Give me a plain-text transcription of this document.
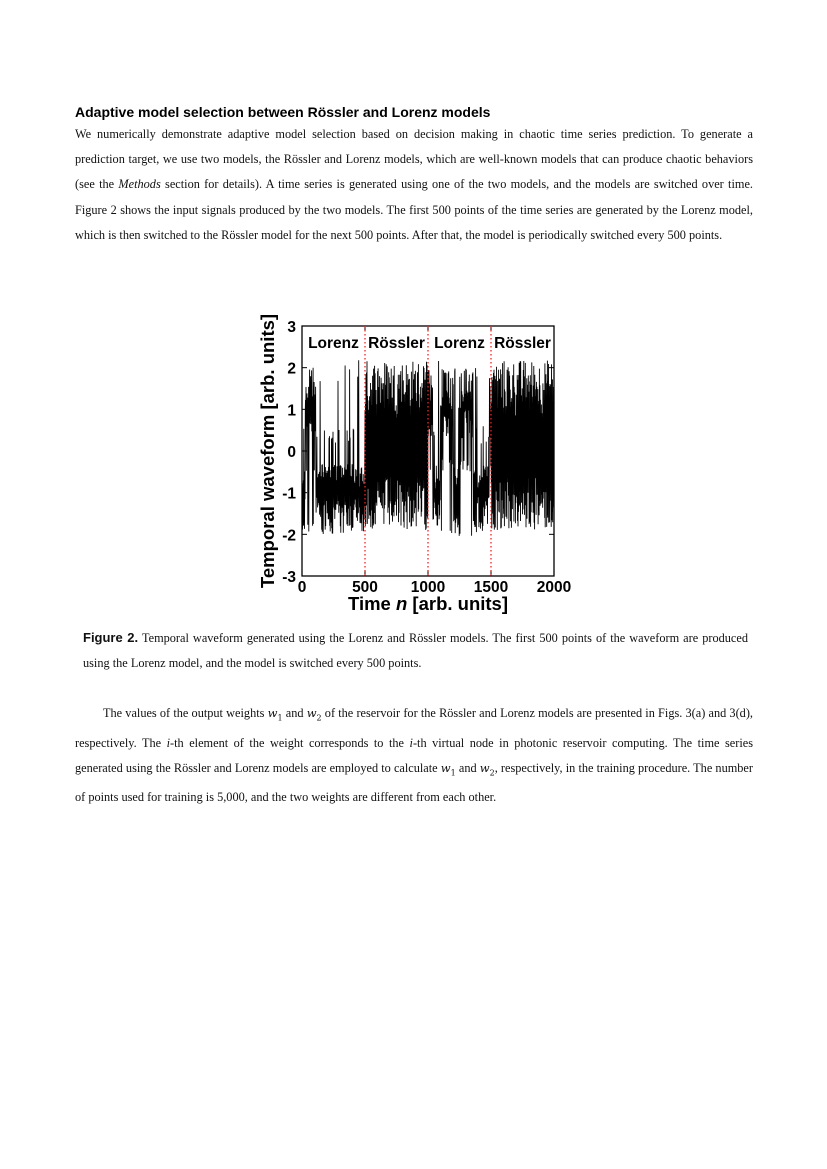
Adaptive model selection between Rössler and Lorenz models

We numerically demonstrate adaptive model selection based on decision making in chaotic time series prediction. To generate a prediction target, we use two models, the Rössler and Lorenz models, which are well-known models that can produce chaotic behaviors (see the Methods section for details). A time series is generated using one of the two models, and the models are switched over time. Figure 2 shows the input signals produced by the two models. The first 500 points of the time series are generated by the Lorenz model, which is then switched to the Rössler model for the next 500 points. After that, the model is periodically switched every 500 points.

Lorenz Rössler Lorenz Rössler
3
2
1
0
-1
-2
-3
0	500 1000 1500 2000
Temporal waveform [arb. units]
Time n [arb. units]

Figure 2. Temporal waveform generated using the Lorenz and Rössler models. The first 500 points of the waveform are produced using the Lorenz model, and the model is switched every 500 points.

The values of the output weights $w_1$ and $w_2$ of the reservoir for the Rössler and Lorenz models are presented in Figs. 3(a) and 3(d), respectively. The i-th element of the weight corresponds to the i-th virtual node in photonic reservoir computing. The time series generated using the Rössler and Lorenz models are employed to calculate $w_1$ and $w_2$, respectively, in the training procedure. The number of points used for training is 5,000, and the two weights are different from each other.
